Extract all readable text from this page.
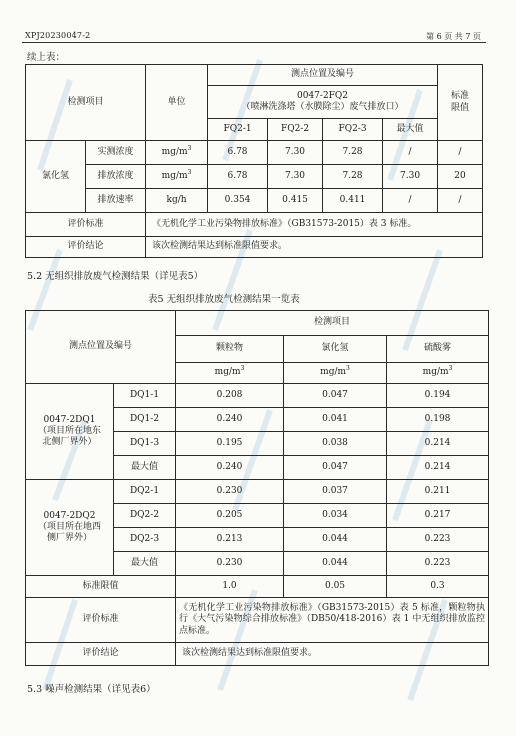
XPJ20230047-2	第 6 页 共 7 页
续上表：
检测项目		单位	测点位置及编号				标准限值

			0047-2FQ2
（喷淋洗涤塔（水膜除尘）废气排放口）				

			FQ2-1	FQ2-2	FQ2-3	最大值	
氯化氢	实测浓度	$mg/m^3$	6.78	7.30	7.28	/	/
	排放浓度	$mg/m^3$	6.78	7.30	7.28	7.30	20
	排放速率	kg/h	0.354	0.415	0.411	/	/
评价标准		《无机化学工业污染物排放标准》（GB31573-2015）表 3 标准。					
评价结论		该次检测结果达到标准限值要求。					
5.2 无组织排放废气检测结果（详见表5）
表5 无组织排放废气检测结果一览表
测点位置及编号		检测项目		
		颗粒物	氯化氢	硫酸雾
		$mg/m^3$	$mg/m^3$	$mg/m^3$

0047-2DQ1
（项目所在地东
北侧厂界外）	DQ1-1	0.208	0.047	0.194
	DQ1-2	0.240	0.041	0.198
	DQ1-3	0.195	0.038	0.214
	最大值	0.240	0.047	0.214

0047-2DQ2
（项目所在地西
侧厂界外）	DQ2-1	0.230	0.037	0.211
	DQ2-2	0.205	0.034	0.217
	DQ2-3	0.213	0.044	0.223
	最大值	0.230	0.044	0.223
标准限值		1.0	0.05	0.3
评价标准		《无机化学工业污染物排放标准》（GB31573-2015）表 5 标准，颗粒物执行《大气污染物综合排放标准》（DB50/418-2016）表 1 中无组织排放监控点标准。		
评价结论		该次检测结果达到标准限值要求。		
5.3 噪声检测结果（详见表6）
